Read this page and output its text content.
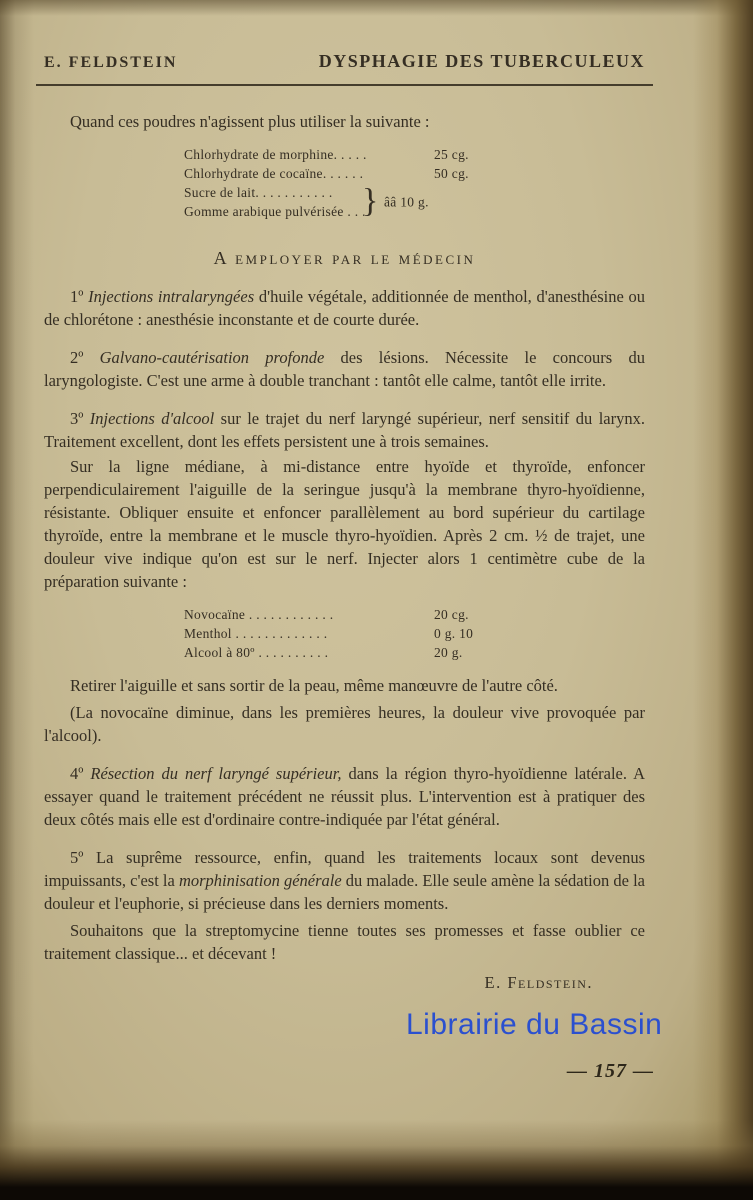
E. FELDSTEIN	DYSPHAGIE DES TUBERCULEUX

Quand ces poudres n'agissent plus utiliser la suivante :

Chlorhydrate de morphine. . . . .	25 cg.
Chlorhydrate de cocaïne. . . . . .	50 cg.
Sucre de lait. . . . . . . . . . .
Gomme arabique pulvérisée . . .
} ââ 10 g.
A employer par le médecin

1º Injections intralaryngées d'huile végétale, additionnée de menthol, d'anesthésine ou de chlorétone : anesthésie inconstante et de courte durée.

2º Galvano-cautérisation profonde des lésions. Nécessite le concours du laryngologiste. C'est une arme à double tranchant : tantôt elle calme, tantôt elle irrite.

3º Injections d'alcool sur le trajet du nerf laryngé supérieur, nerf sensitif du larynx. Traitement excellent, dont les effets persistent une à trois semaines.

Sur la ligne médiane, à mi-distance entre hyoïde et thyroïde, enfoncer perpendiculairement l'aiguille de la seringue jusqu'à la membrane thyro-hyoïdienne, résistante. Obliquer ensuite et enfoncer parallèlement au bord supérieur du cartilage thyroïde, entre la membrane et le muscle thyro-hyoïdien. Après 2 cm. ½ de trajet, une douleur vive indique qu'on est sur le nerf. Injecter alors 1 centimètre cube de la préparation suivante :

Novocaïne . . . . . . . . . . . .	20 cg.
Menthol . . . . . . . . . . . . .	0 g. 10
Alcool à 80º . . . . . . . . . .	20 g.

Retirer l'aiguille et sans sortir de la peau, même manœuvre de l'autre côté.

(La novocaïne diminue, dans les premières heures, la douleur vive provoquée par l'alcool).

4º Résection du nerf laryngé supérieur, dans la région thyro-hyoïdienne latérale. A essayer quand le traitement précédent ne réussit plus. L'intervention est à pratiquer des deux côtés mais elle est d'ordinaire contre-indiquée par l'état général.

5º La suprême ressource, enfin, quand les traitements locaux sont devenus impuissants, c'est la morphinisation générale du malade. Elle seule amène la sédation de la douleur et l'euphorie, si précieuse dans les derniers moments.

Souhaitons que la streptomycine tienne toutes ses promesses et fasse oublier ce traitement classique... et décevant !

E. Feldstein.
Librairie du Bassin
— 157 —
